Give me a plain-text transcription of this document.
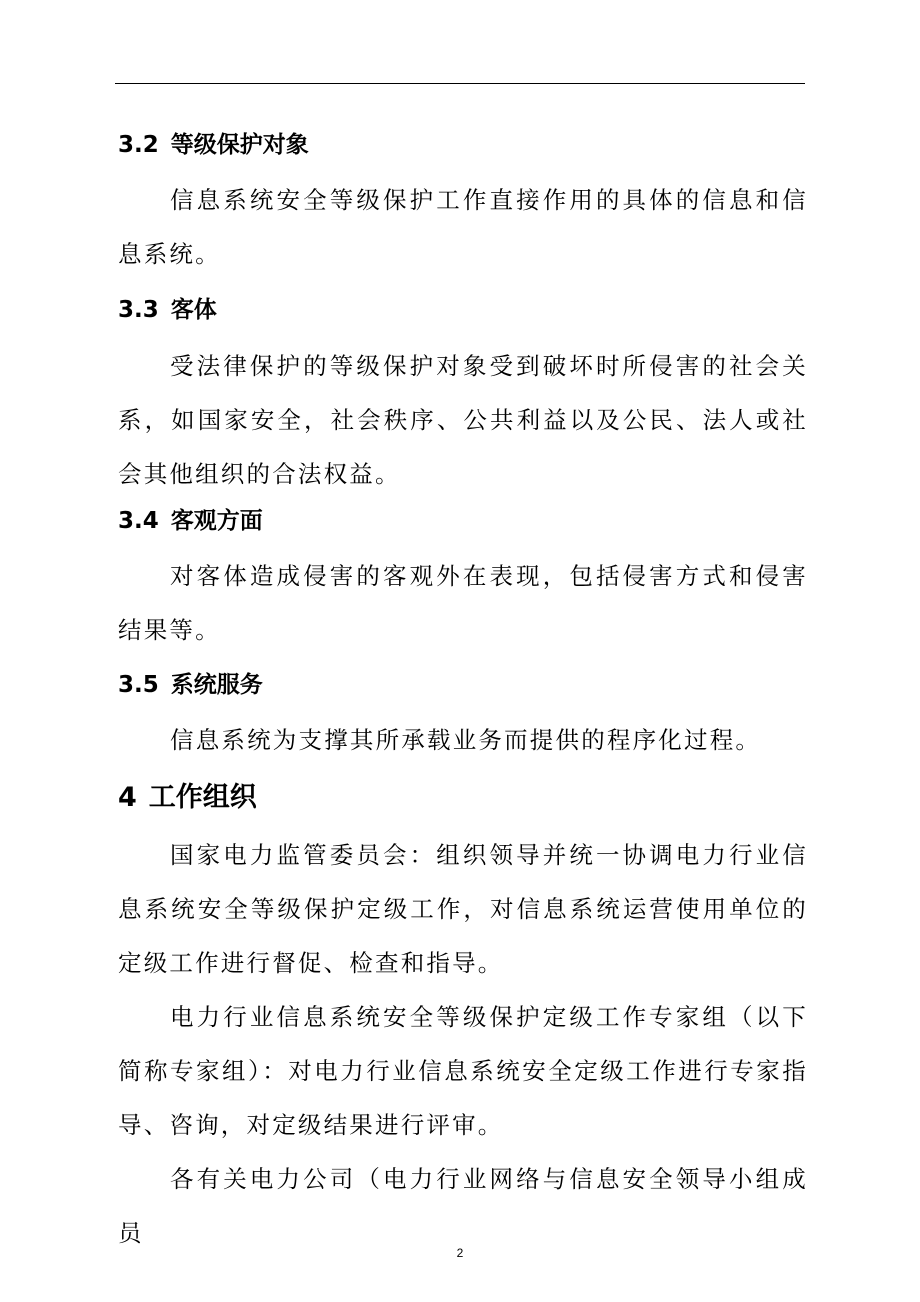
3.2 等级保护对象
信息系统安全等级保护工作直接作用的具体的信息和信息系统。
3.3 客体
受法律保护的等级保护对象受到破坏时所侵害的社会关系，如国家安全，社会秩序、公共利益以及公民、法人或社会其他组织的合法权益。
3.4 客观方面
对客体造成侵害的客观外在表现，包括侵害方式和侵害结果等。
3.5 系统服务
信息系统为支撑其所承载业务而提供的程序化过程。
4 工作组织
国家电力监管委员会：组织领导并统一协调电力行业信息系统安全等级保护定级工作，对信息系统运营使用单位的定级工作进行督促、检查和指导。
电力行业信息系统安全等级保护定级工作专家组（以下简称专家组）：对电力行业信息系统安全定级工作进行专家指导、咨询，对定级结果进行评审。
各有关电力公司（电力行业网络与信息安全领导小组成员
2
